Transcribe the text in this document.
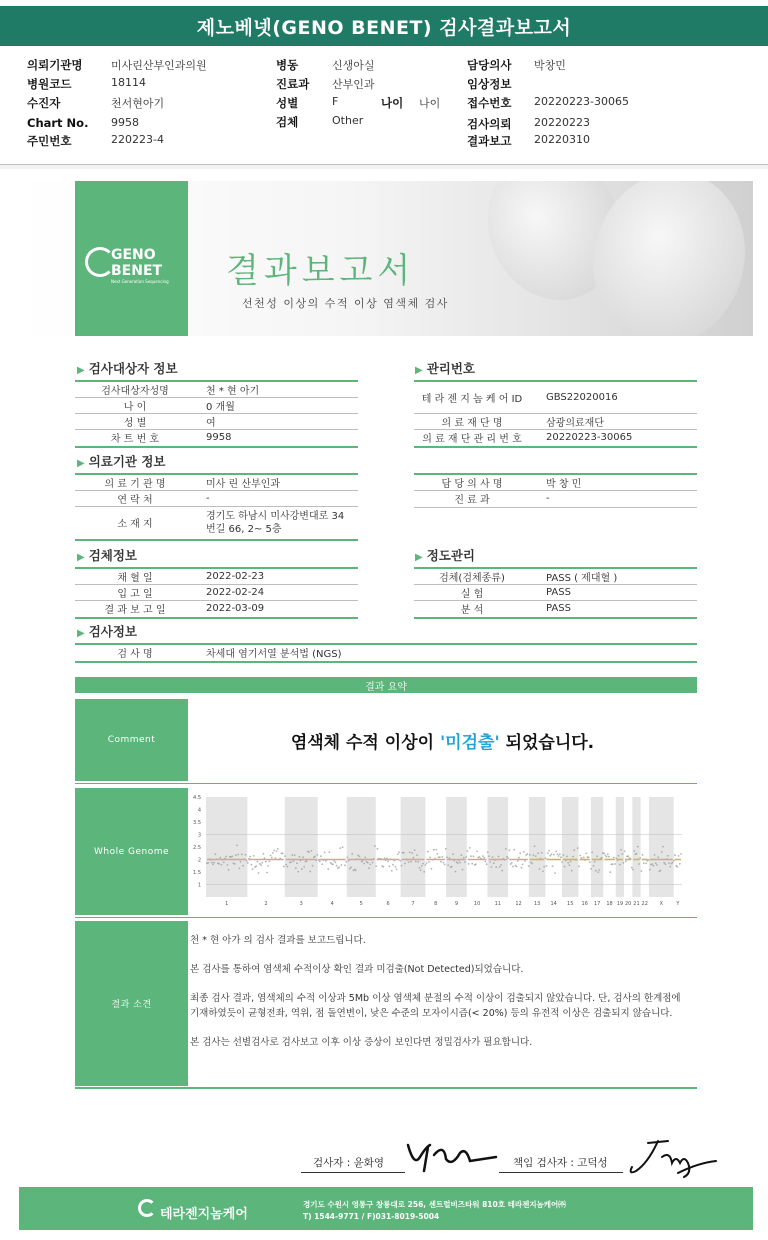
제노베넷(GENO BENET) 검사결과보고서
의뢰기관명	미사린산부인과의원
병원코드	18114
수진자	천서현아기
Chart No. 9958
주민번호	220223-4
병동	신생아실
진료과 산부인과
성별	F	나이 나이
검체	Other
담당의사 박창민
임상정보
접수번호 20220223-30065
검사의뢰 20220223
결과보고 20220310
GENO
BENET
Next Generation Sequencing 결과보고서
선천성 이상의 수적 이상 염색체 검사
▶ 검사대상자 정보
검사대상자성명	천 * 현 아기
나 이	0 개월
성 별	여
차 트 번 호	9958
▶ 관리번호
테 라 젠 지 놈 케 어 ID	GBS22020016
의 료 재 단 명	삼광의료재단
의 료 재 단 관 리 번 호	20220223-30065
▶ 의료기관 정보
의 료 기 관 명	미사 린 산부인과
연 락 처	-
소 재 지
경기도 하남시 미사강변대로 34 번길 66, 2~ 5층
담 당 의 사 명	박 창 민
진 료 과	-
▶ 검체정보
채 혈 일	2022-02-23
입 고 일	2022-02-24
결 과 보 고 일	2022-03-09
▶ 정도관리
검체(검체종류)	PASS ( 제대혈 )
실 험	PASS
분 석	PASS
▶ 검사정보
검 사 명	차세대 염기서열 분석법 (NGS)
결과 요약
Comment	염색체 수적 이상이 '미검출' 되었습니다.
Whole Genome
4.5
4
3.5
3
2.5
2
1.5
1
1	2	3	4	5	6	7	8	9	10	11	12 13 14 15 16 17 18 19 20 21 22 X	Y
결과 소견

천 * 현 아가 의 검사 결과를 보고드립니다.

본 검사를 통하여 염색체 수적이상 확인 결과 미검출(Not Detected)되었습니다.

최종 검사 결과, 염색체의 수적 이상과 5Mb 이상 염색체 분절의 수적 이상이 검출되지 않았습니다. 단, 검사의 한계점에 기재하였듯이 균형전좌, 역위, 점 돌연변이, 낮은 수준의 모자이시즘(< 20%) 등의 유전적 이상은 검출되지 않습니다.

본 검사는 선별검사로 검사보고 이후 이상 증상이 보인다면 정밀검사가 필요합니다.

검사자 : 윤화영	책임 검사자 : 고덕성
테라젠지놈케어
경기도 수원시 영통구 창룡대로 256, 센트럴비즈타워 810호 테라젠지놈케어㈜
T) 1544-9771 / F)031-8019-5004
